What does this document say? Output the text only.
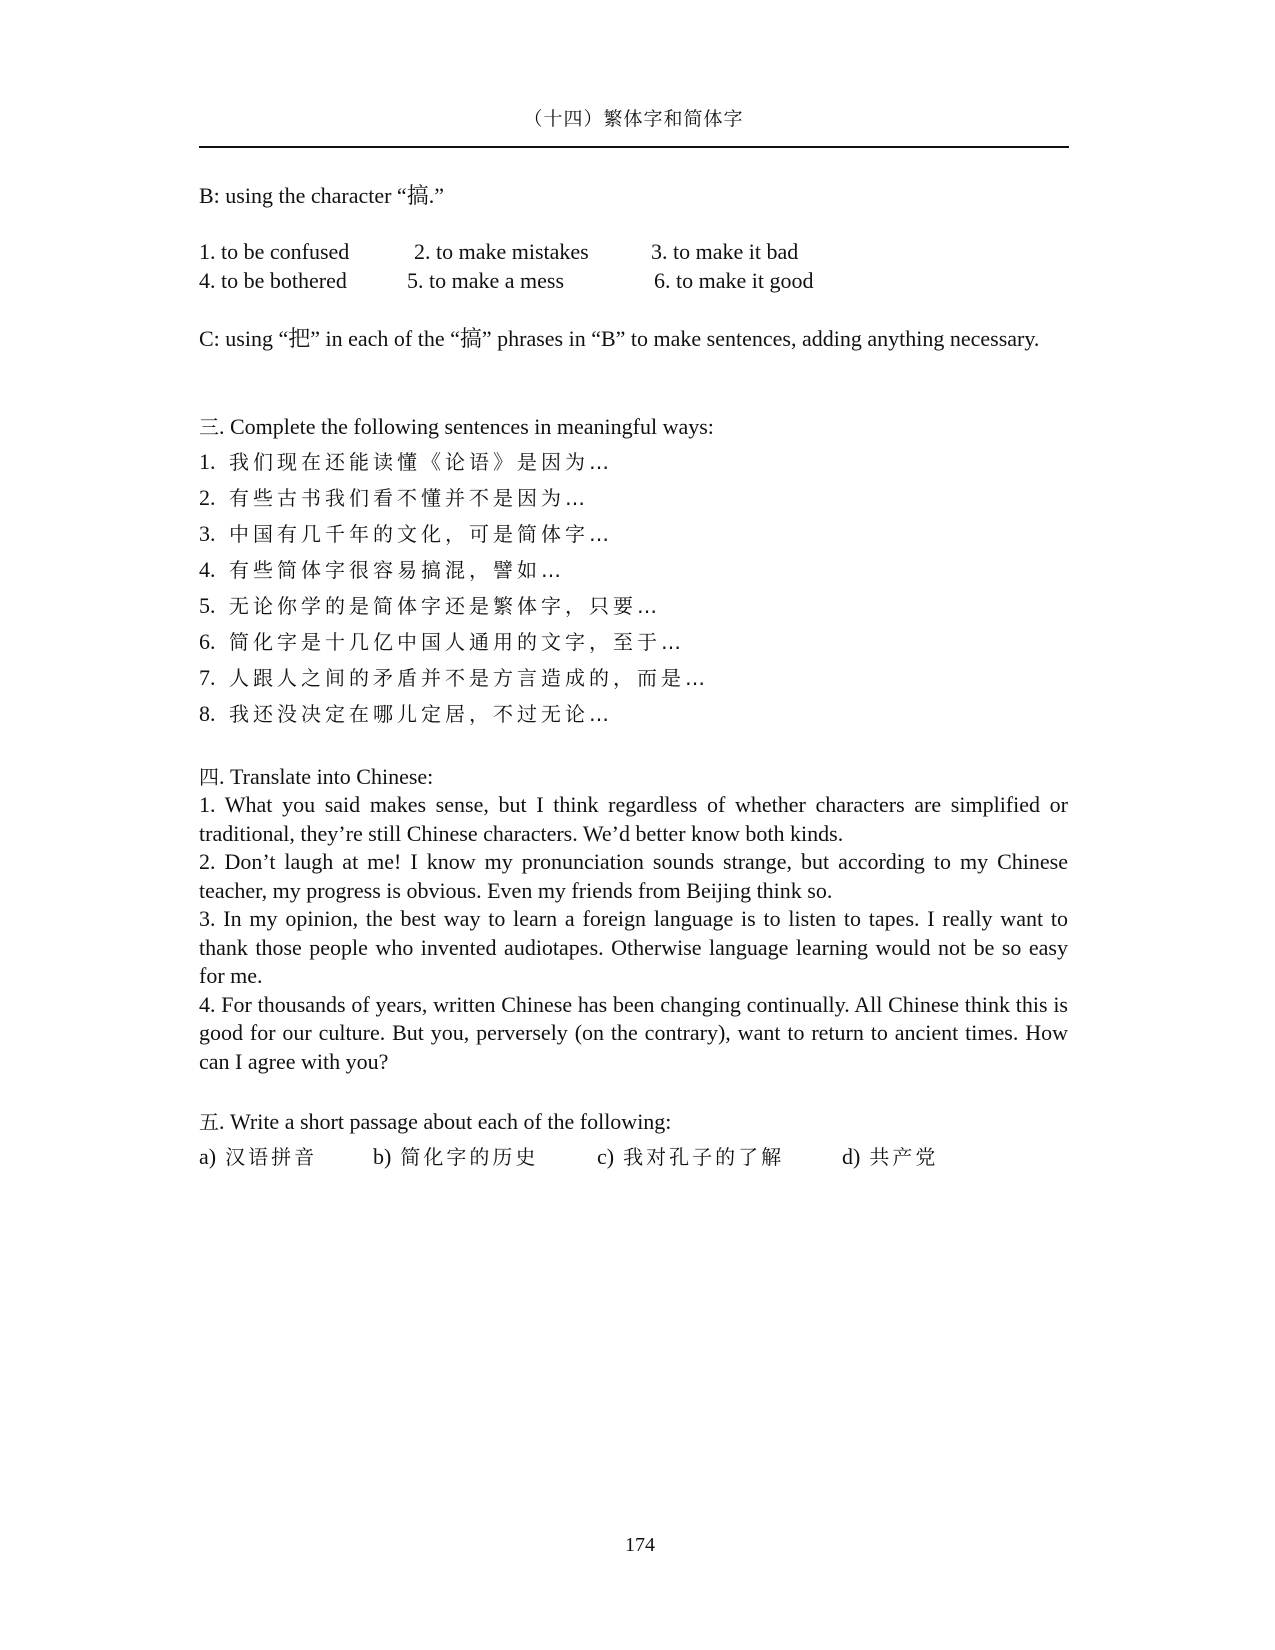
（十四）繁体字和简体字
B: using the character “搞.”
1. to be confused	2. to make mistakes	3. to make it bad
4. to be bothered	5. to make a mess	6. to make it good

C: using “把” in each of the “搞” phrases in “B” to make sentences, adding anything necessary.

三. Complete the following sentences in meaningful ways:
1. 我们现在还能读懂《论语》是因为…
2. 有些古书我们看不懂并不是因为…
3. 中国有几千年的文化，可是简体字…
4. 有些简体字很容易搞混，譬如…
5. 无论你学的是简体字还是繁体字，只要…
6. 简化字是十几亿中国人通用的文字，至于…
7. 人跟人之间的矛盾并不是方言造成的，而是…
8. 我还没决定在哪儿定居，不过无论…
四. Translate into Chinese:

1. What you said makes sense, but I think regardless of whether characters are simplified or traditional, they’re still Chinese characters. We’d better know both kinds.

2. Don’t laugh at me! I know my pronunciation sounds strange, but according to my Chinese teacher, my progress is obvious. Even my friends from Beijing think so.

3. In my opinion, the best way to learn a foreign language is to listen to tapes. I really want to thank those people who invented audiotapes. Otherwise language learning would not be so easy for me.

4. For thousands of years, written Chinese has been changing continually. All Chinese think this is good for our culture. But you, perversely (on the contrary), want to return to ancient times. How can I agree with you?

五. Write a short passage about each of the following:
a) 汉语拼音	b) 简化字的历史	c) 我对孔子的了解	d) 共产党
174
